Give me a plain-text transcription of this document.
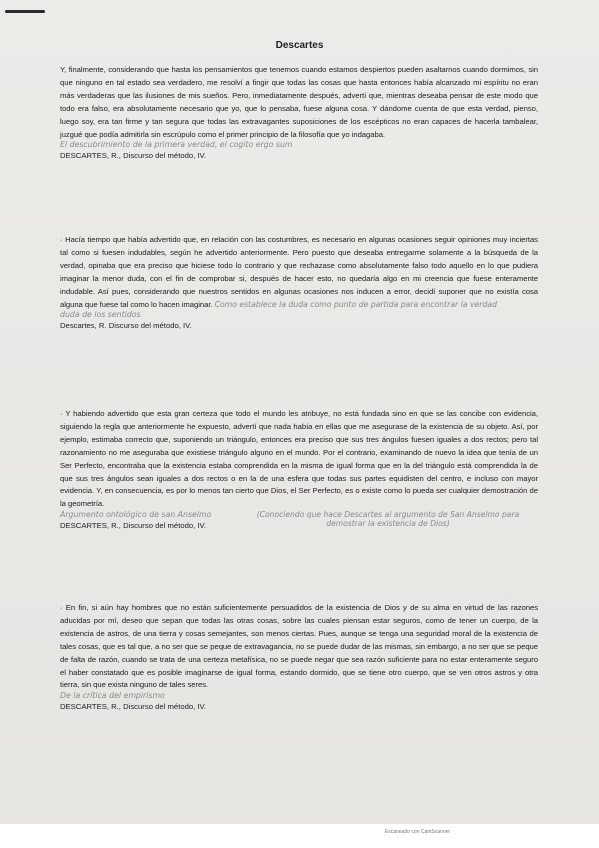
Descartes
Y, finalmente, considerando que hasta los pensamientos que tenemos cuando estamos despiertos pueden asaltarnos cuando dormimos, sin que ninguno en tal estado sea verdadero, me resolví a fingir que todas las cosas que hasta entonces había alcanzado mi espíritu no eran más verdaderas que las ilusiones de mis sueños. Pero, inmediatamente después, advertí que, mientras deseaba pensar de este modo que todo era falso, era absolutamente necesario que yo, que lo pensaba, fuese alguna cosa. Y dándome cuenta de que esta verdad, pienso, luego soy, era tan firme y tan segura que todas las extravagantes suposiciones de los escépticos no eran capaces de hacerla tambalear, juzgué que podía admitirla sin escrúpulo como el primer principio de la filosofía que yo indagaba.
El descubrimiento de la primera verdad, el cogito ergo sum
DESCARTES, R., Discurso del método, IV.
· Hacía tiempo que había advertido que, en relación con las costumbres, es necesario en algunas ocasiones seguir opiniones muy inciertas tal como si fuesen indudables, según he advertido anteriormente. Pero puesto que deseaba entregarme solamente a la búsqueda de la verdad, opinaba que era preciso que hiciese todo lo contrario y que rechazase como absolutamente falso todo aquello en lo que pudiera imaginar la menor duda, con el fin de comprobar si, después de hacer esto, no quedaría algo en mi creencia que fuese enteramente indudable. Así pues, considerando que nuestros sentidos en algunas ocasiones nos inducen a error, decidí suponer que no existía cosa alguna que fuese tal como lo hacen imaginar. Como establece la duda como punto de partida para encontrar la verdad
duda de los sentidos
Descartes, R. Discurso del método, IV.
· Y habiendo advertido que esta gran certeza que todo el mundo les atribuye, no está fundada sino en que se las concibe con evidencia, siguiendo la regla que anteriormente he expuesto, advertí que nada había en ellas que me asegurase de la existencia de su objeto. Así, por ejemplo, estimaba correcto que, suponiendo un triángulo, entonces era preciso que sus tres ángulos fuesen iguales a dos rectos; pero tal razonamiento no me aseguraba que existiese triángulo alguno en el mundo. Por el contrario, examinando de nuevo la idea que tenía de un Ser Perfecto, encontraba que la existencia estaba comprendida en la misma de igual forma que en la del triángulo está comprendida la de que sus tres ángulos sean iguales a dos rectos o en la de una esfera que todas sus partes equidisten del centro, e incluso con mayor evidencia. Y, en consecuencia, es por lo menos tan cierto que Dios, el Ser Perfecto, es o existe como lo pueda ser cualquier demostración de la geometría.
Argumento ontológico de san Anselmo
DESCARTES, R., Discurso del método, IV.
(Conociendo que hace Descartes al argumento de San Anselmo para demostrar la existencia de Dios)
· En fin, si aún hay hombres que no están suficientemente persuadidos de la existencia de Dios y de su alma en virtud de las razones aducidas por mí, deseo que sepan que todas las otras cosas, sobre las cuales piensan estar seguros, como de tener un cuerpo, de la existencia de astros, de una tierra y cosas semejantes, son menos ciertas. Pues, aunque se tenga una seguridad moral de la existencia de tales cosas, que es tal que, a no ser que se peque de extravagancia, no se puede dudar de las mismas, sin embargo, a no ser que se peque de falta de razón, cuando se trata de una certeza metafísica, no se puede negar que sea razón suficiente para no estar enteramente seguro el haber constatado que es posible imaginarse de igual forma, estando dormido, que se tiene otro cuerpo, que se ven otros astros y otra tierra, sin que exista ninguno de tales seres.
De la crítica del empirismo
DESCARTES, R., Discurso del método, IV.
Escaneado con CamScanner
